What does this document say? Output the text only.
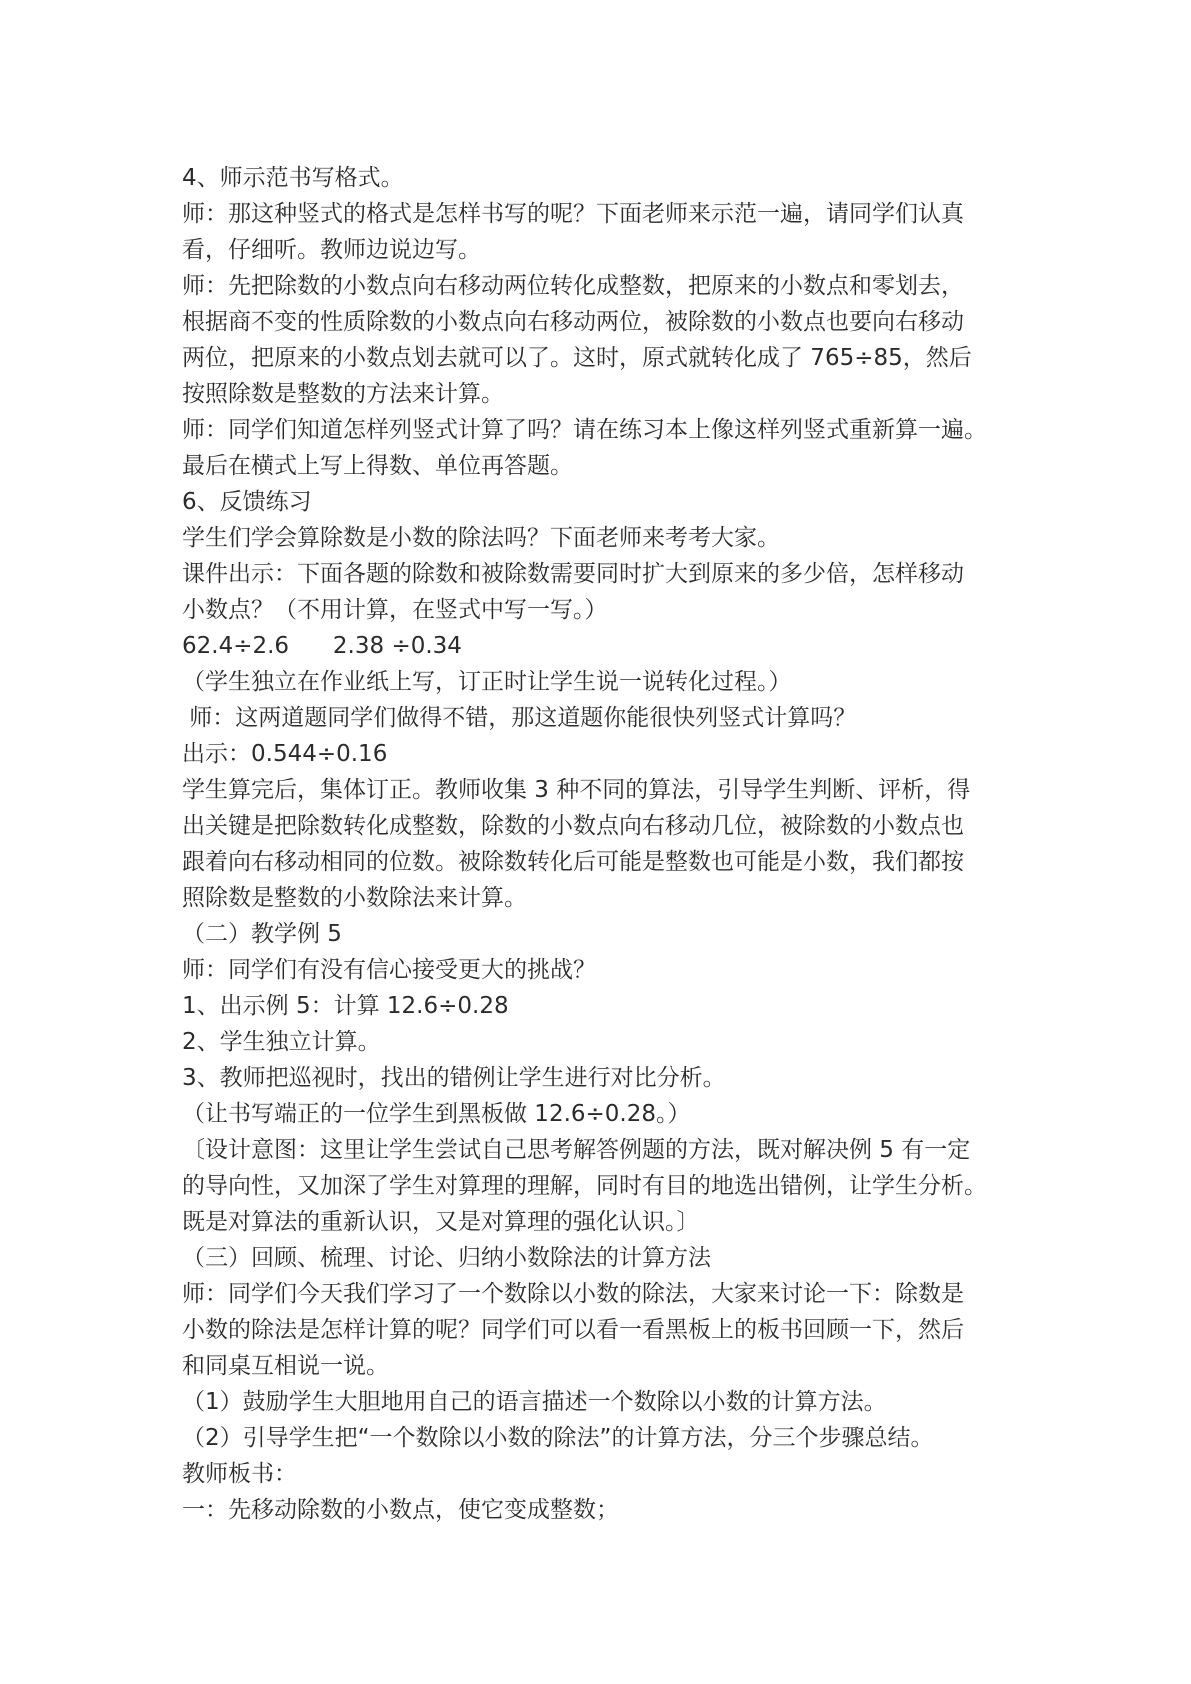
4、师示范书写格式。
师：那这种竖式的格式是怎样书写的呢？下面老师来示范一遍，请同学们认真
看，仔细听。教师边说边写。
师：先把除数的小数点向右移动两位转化成整数，把原来的小数点和零划去，
根据商不变的性质除数的小数点向右移动两位，被除数的小数点也要向右移动
两位，把原来的小数点划去就可以了。这时，原式就转化成了 765÷85，然后
按照除数是整数的方法来计算。
师：同学们知道怎样列竖式计算了吗？请在练习本上像这样列竖式重新算一遍。
最后在横式上写上得数、单位再答题。
6、反馈练习
学生们学会算除数是小数的除法吗？下面老师来考考大家。
课件出示：下面各题的除数和被除数需要同时扩大到原来的多少倍，怎样移动
小数点？（不用计算，在竖式中写一写。）
62.4÷2.6      2.38 ÷0.34
（学生独立在作业纸上写，订正时让学生说一说转化过程。）
师：这两道题同学们做得不错，那这道题你能很快列竖式计算吗？
出示：0.544÷0.16
学生算完后，集体订正。教师收集 3 种不同的算法，引导学生判断、评析，得
出关键是把除数转化成整数，除数的小数点向右移动几位，被除数的小数点也
跟着向右移动相同的位数。被除数转化后可能是整数也可能是小数，我们都按
照除数是整数的小数除法来计算。
（二）教学例 5
师：同学们有没有信心接受更大的挑战？
1、出示例 5：计算 12.6÷0.28
2、学生独立计算。
3、教师把巡视时，找出的错例让学生进行对比分析。
（让书写端正的一位学生到黑板做 12.6÷0.28。）
〔设计意图：这里让学生尝试自己思考解答例题的方法，既对解决例 5 有一定
的导向性，又加深了学生对算理的理解，同时有目的地选出错例，让学生分析。
既是对算法的重新认识，又是对算理的强化认识。〕
（三）回顾、梳理、讨论、归纳小数除法的计算方法
师：同学们今天我们学习了一个数除以小数的除法，大家来讨论一下：除数是
小数的除法是怎样计算的呢？同学们可以看一看黑板上的板书回顾一下，然后
和同桌互相说一说。
（1）鼓励学生大胆地用自己的语言描述一个数除以小数的计算方法。
（2）引导学生把“一个数除以小数的除法”的计算方法，分三个步骤总结。
教师板书：
一：先移动除数的小数点，使它变成整数；
